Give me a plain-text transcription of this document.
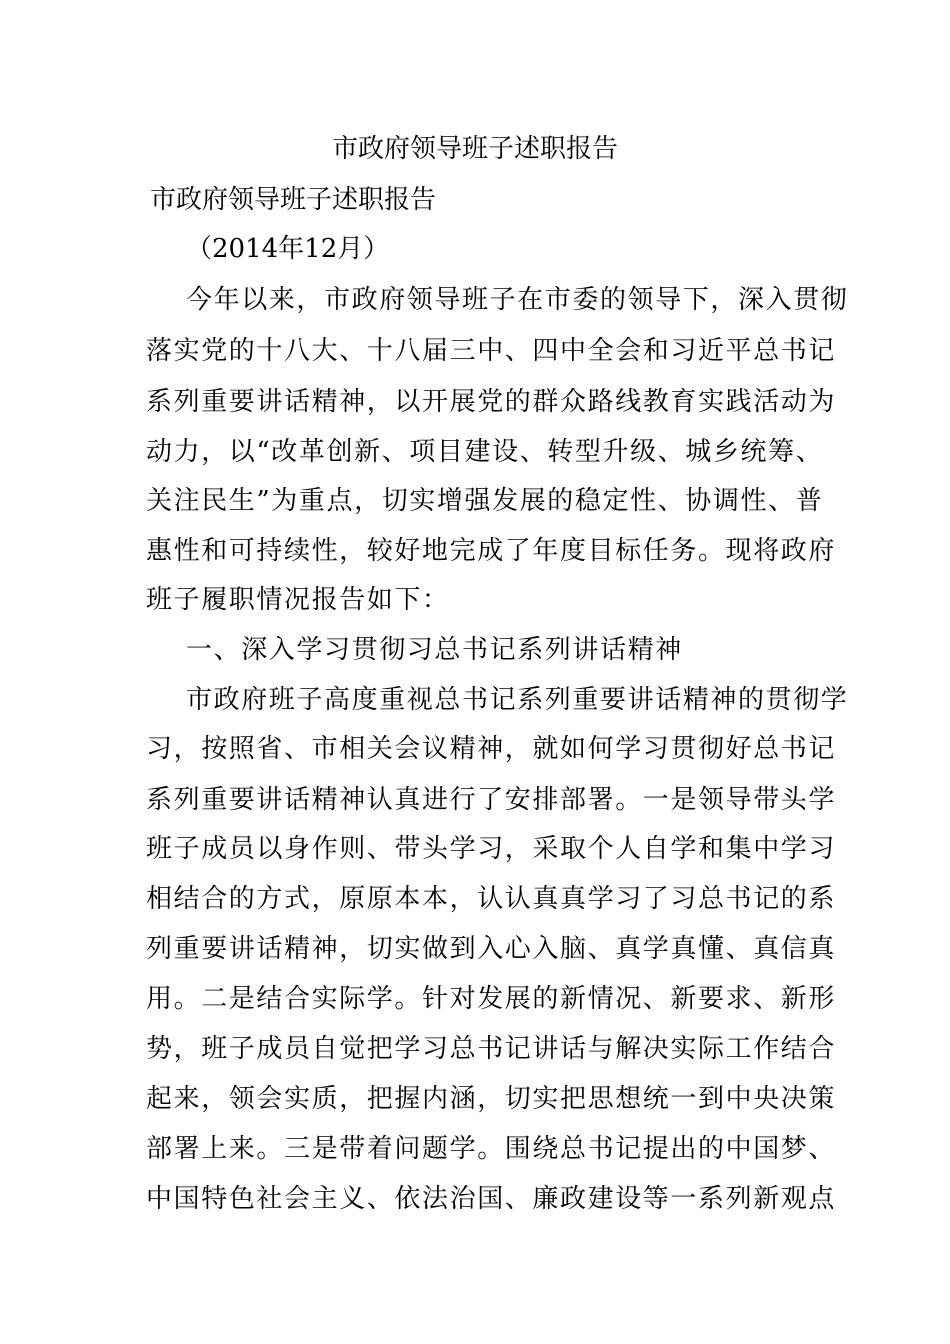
市政府领导班子述职报告

市政府领导班子述职报告

（2014年12月）

今年以来，市政府领导班子在市委的领导下，深入贯彻

落实党的十八大、十八届三中、四中全会和习近平总书记

系列重要讲话精神，以开展党的群众路线教育实践活动为

动力，以“改革创新、项目建设、转型升级、城乡统筹、

关注民生”为重点，切实增强发展的稳定性、协调性、普

惠性和可持续性，较好地完成了年度目标任务。现将政府

班子履职情况报告如下：

一、深入学习贯彻习总书记系列讲话精神

市政府班子高度重视总书记系列重要讲话精神的贯彻学

习，按照省、市相关会议精神，就如何学习贯彻好总书记

系列重要讲话精神认真进行了安排部署。一是领导带头学

班子成员以身作则、带头学习，采取个人自学和集中学习

相结合的方式，原原本本，认认真真学习了习总书记的系

列重要讲话精神，切实做到入心入脑、真学真懂、真信真

用。二是结合实际学。针对发展的新情况、新要求、新形

势，班子成员自觉把学习总书记讲话与解决实际工作结合

起来，领会实质，把握内涵，切实把思想统一到中央决策

部署上来。三是带着问题学。围绕总书记提出的中国梦、

中国特色社会主义、依法治国、廉政建设等一系列新观点
